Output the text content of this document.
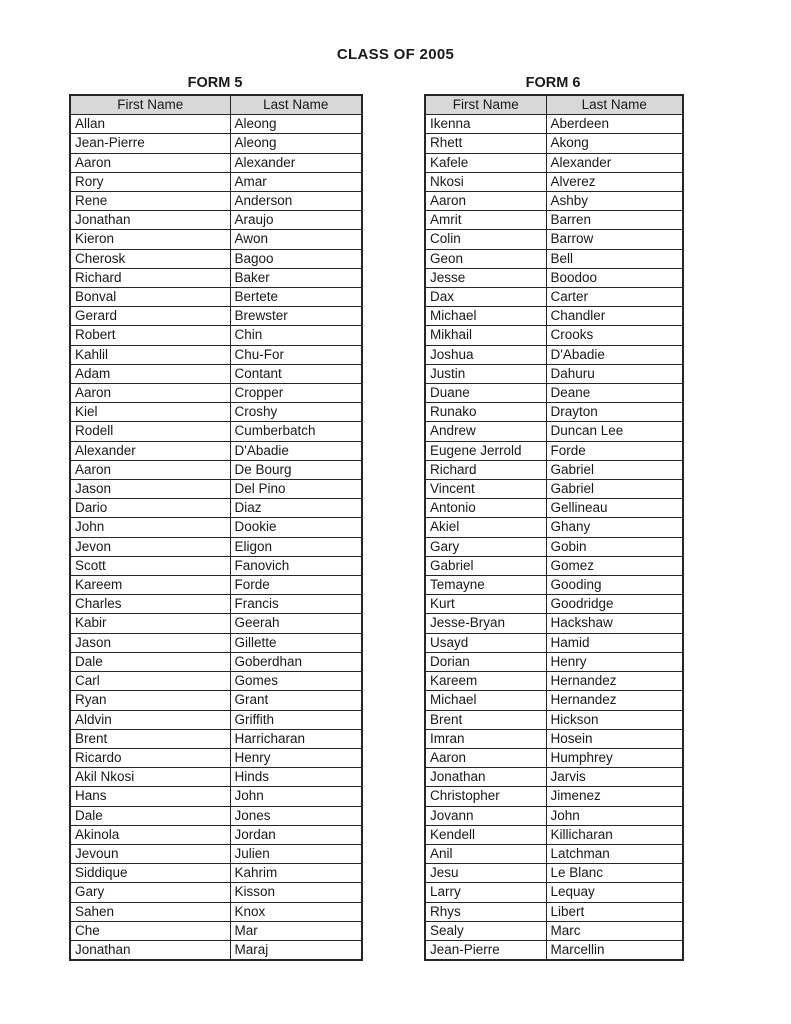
CLASS OF 2005
FORM 5
First Name	Last Name
Allan	Aleong
Jean-Pierre	Aleong
Aaron	Alexander
Rory	Amar
Rene	Anderson
Jonathan	Araujo
Kieron	Awon
Cherosk	Bagoo
Richard	Baker
Bonval	Bertete
Gerard	Brewster
Robert	Chin
Kahlil	Chu-For
Adam	Contant
Aaron	Cropper
Kiel	Croshy
Rodell	Cumberbatch
Alexander	D'Abadie
Aaron	De Bourg
Jason	Del Pino
Dario	Diaz
John	Dookie
Jevon	Eligon
Scott	Fanovich
Kareem	Forde
Charles	Francis
Kabir	Geerah
Jason	Gillette
Dale	Goberdhan
Carl	Gomes
Ryan	Grant
Aldvin	Griffith
Brent	Harricharan
Ricardo	Henry
Akil Nkosi	Hinds
Hans	John
Dale	Jones
Akinola	Jordan
Jevoun	Julien
Siddique	Kahrim
Gary	Kisson
Sahen	Knox
Che	Mar
Jonathan	Maraj
FORM 6
First Name	Last Name
Ikenna	Aberdeen
Rhett	Akong
Kafele	Alexander
Nkosi	Alverez
Aaron	Ashby
Amrit	Barren
Colin	Barrow
Geon	Bell
Jesse	Boodoo
Dax	Carter
Michael	Chandler
Mikhail	Crooks
Joshua	D'Abadie
Justin	Dahuru
Duane	Deane
Runako	Drayton
Andrew	Duncan Lee
Eugene Jerrold	Forde
Richard	Gabriel
Vincent	Gabriel
Antonio	Gellineau
Akiel	Ghany
Gary	Gobin
Gabriel	Gomez
Temayne	Gooding
Kurt	Goodridge
Jesse-Bryan	Hackshaw
Usayd	Hamid
Dorian	Henry
Kareem	Hernandez
Michael	Hernandez
Brent	Hickson
Imran	Hosein
Aaron	Humphrey
Jonathan	Jarvis
Christopher	Jimenez
Jovann	John
Kendell	Killicharan
Anil	Latchman
Jesu	Le Blanc
Larry	Lequay
Rhys	Libert
Sealy	Marc
Jean-Pierre	Marcellin
